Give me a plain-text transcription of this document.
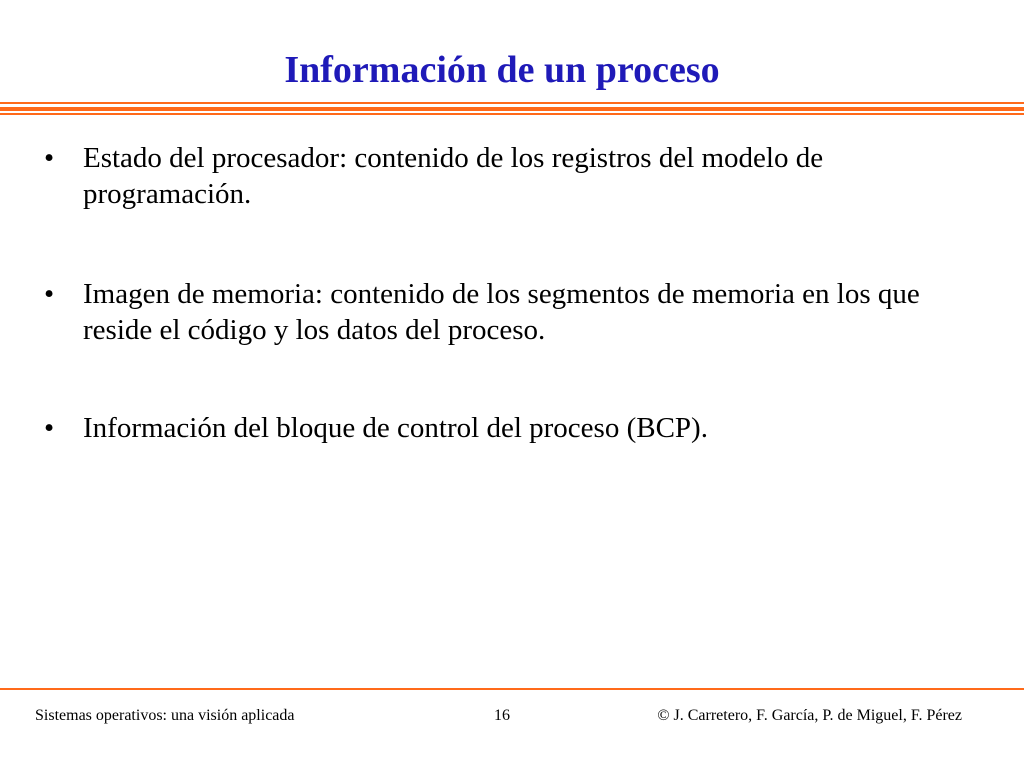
Información de un proceso
• Estado del procesador: contenido de los registros del modelo de programación.
• Imagen de memoria: contenido de los segmentos de memoria en los que reside el código y los datos del proceso.
• Información del bloque de control del proceso (BCP).
Sistemas operativos: una visión aplicada	16	© J. Carretero, F. García, P. de Miguel, F. Pérez
